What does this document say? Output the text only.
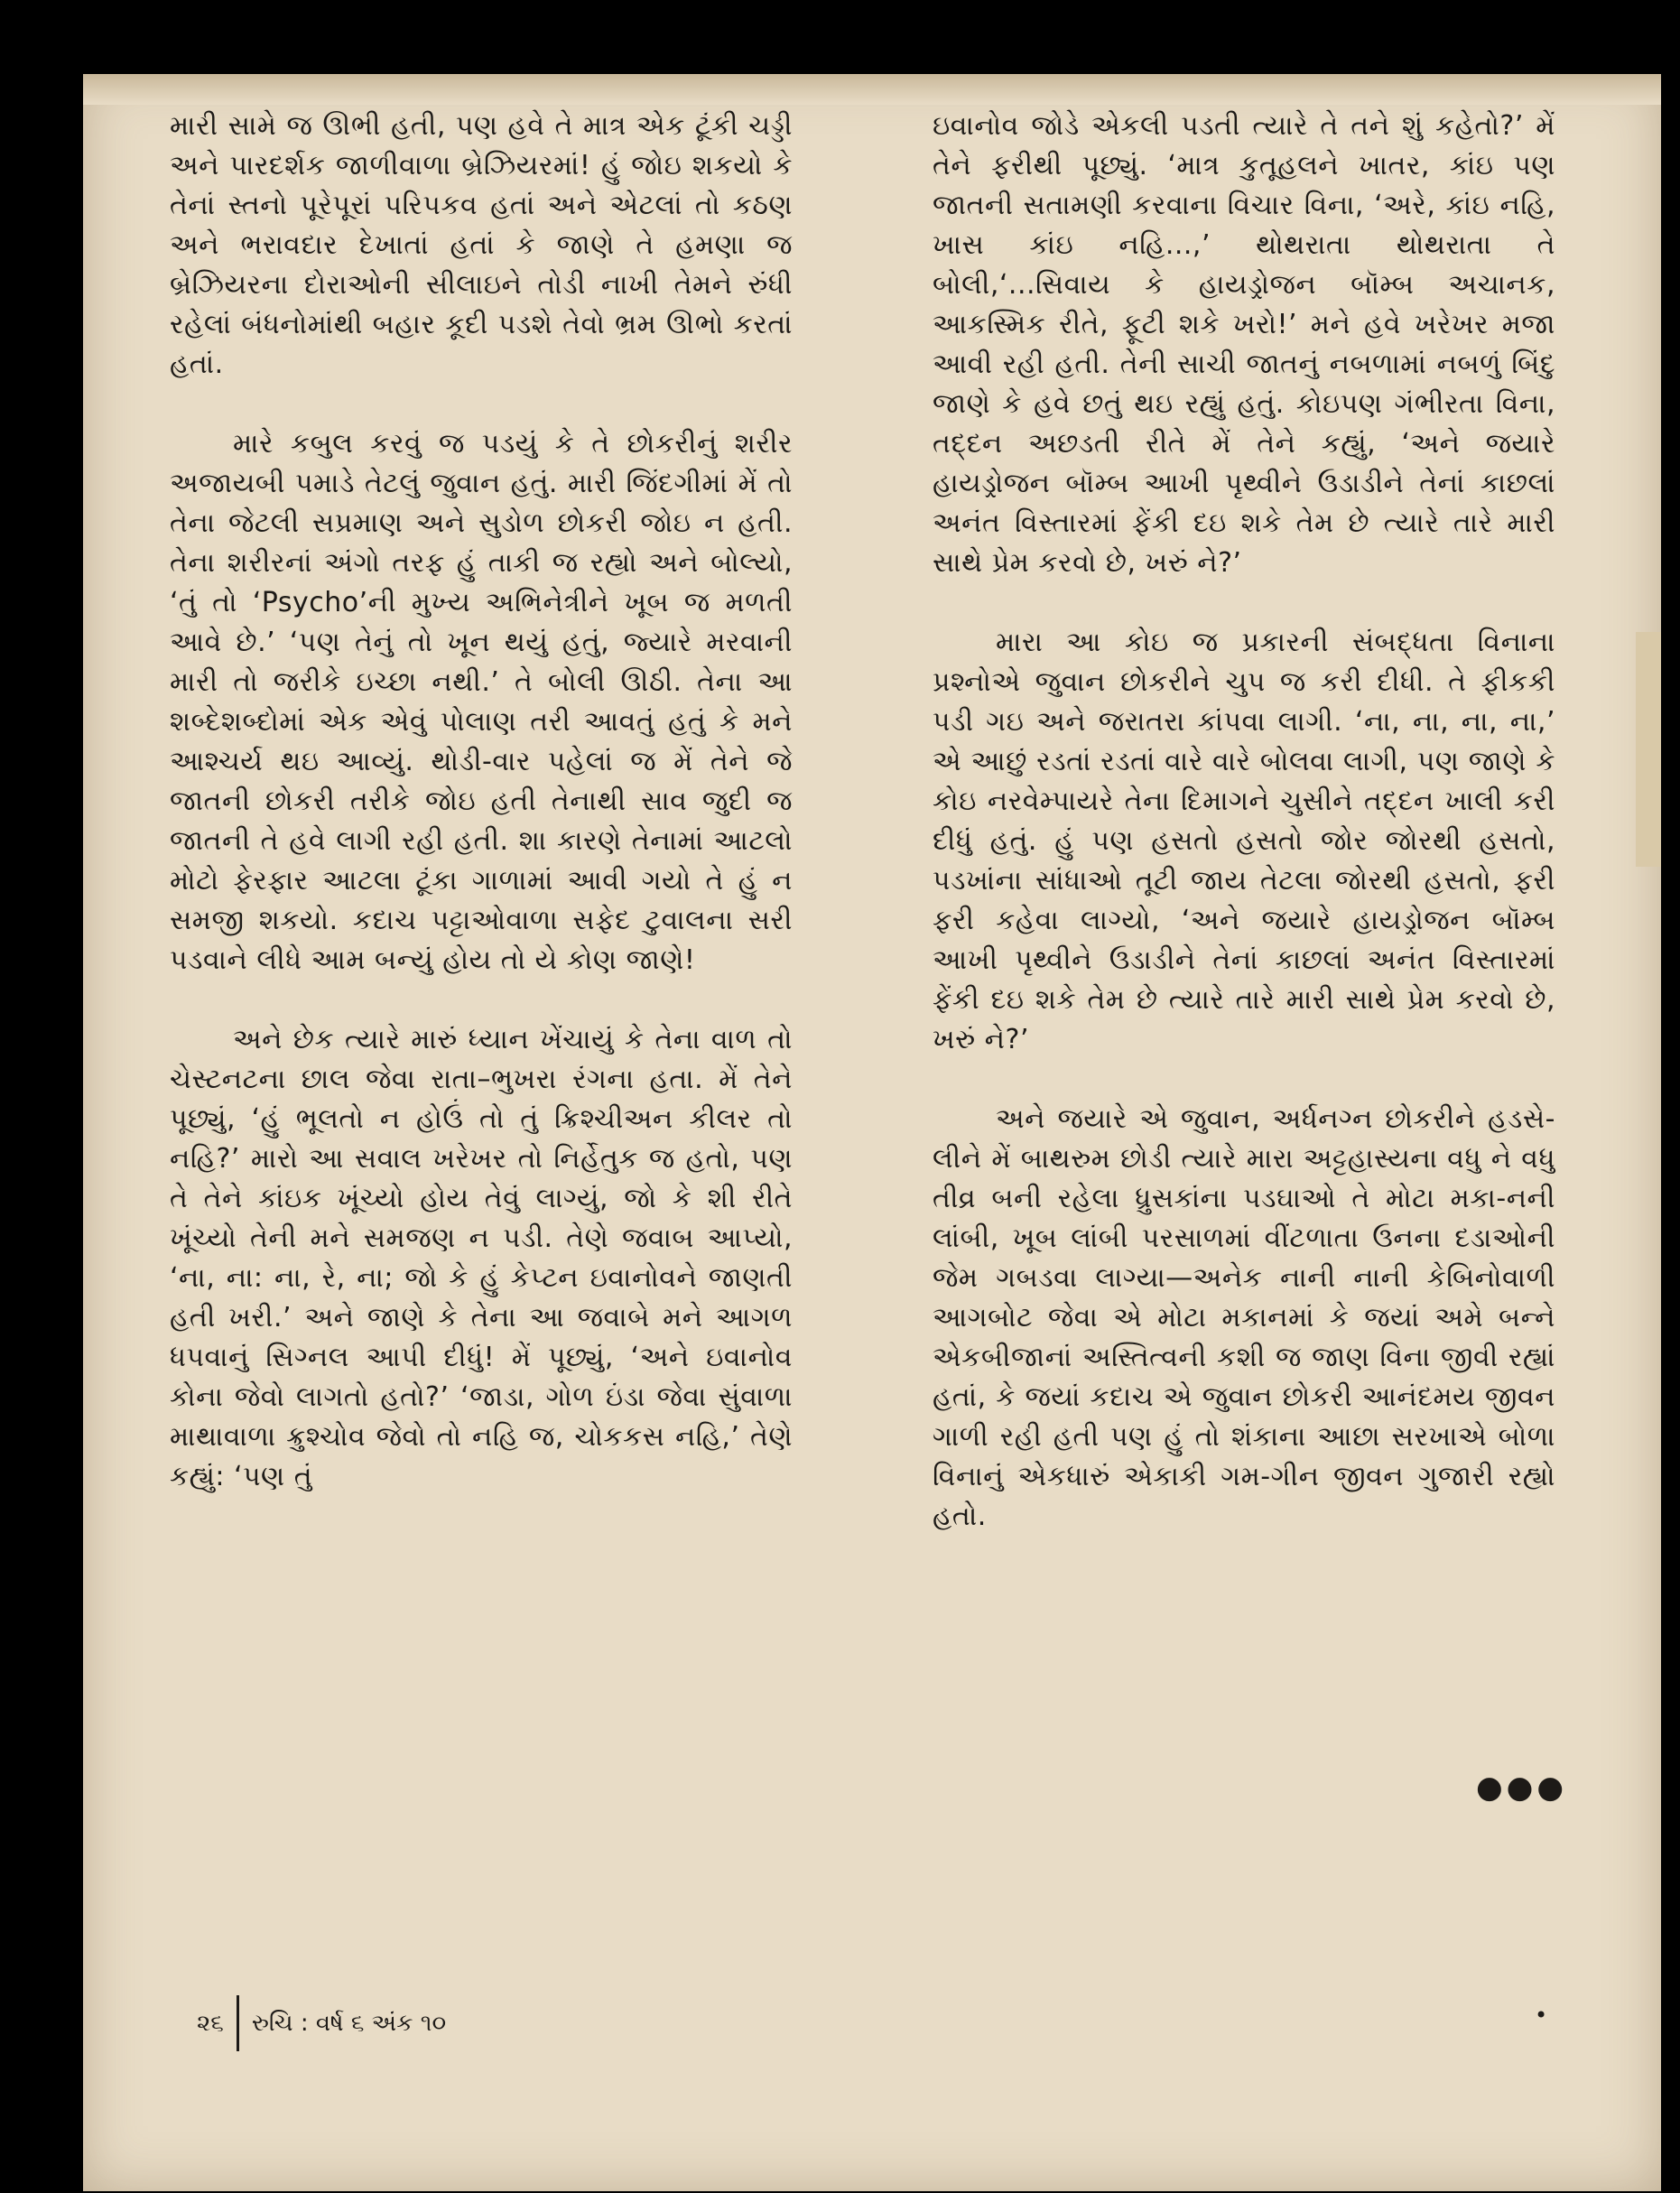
મારી સામે જ ઊભી હતી, પણ હવે તે માત્ર એક ટૂંકી ચડ્ડી અને પારદર્શક જાળીવાળા બ્રેઝિયરમાં! હું જોઇ શકયો કે તેનાં સ્તનો પૂરેપૂરાં પરિપકવ હતાં અને એટલાં તો કઠણ અને ભરાવદાર દેખાતાં હતાં કે જાણે તે હમણા જ બ્રેઝિયરના દોરાઓની સીલાઇને તોડી નાખી તેમને રુંધી રહેલાં બંધનોમાંથી બહાર કૂદી પડશે તેવો ભ્રમ ઊભો કરતાં હતાં.

મારે કબુલ કરવું જ પડયું કે તે છોકરીનું શરીર અજાયબી પમાડે તેટલું જુવાન હતું. મારી જિંદગીમાં મેં તો તેના જેટલી સપ્રમાણ અને સુડોળ છોકરી જોઇ ન હતી. તેના શરીરનાં અંગો તરફ હું તાકી જ રહ્યો અને બોલ્યો, ‘તું તો ‘Psycho’ની મુખ્ય અભિનેત્રીને ખૂબ જ મળતી આવે છે.’ ‘પણ તેનું તો ખૂન થયું હતું, જ્યારે મરવાની મારી તો જરીકે ઇચ્છા નથી.’ તે બોલી ઊઠી. તેના આ શબ્દેશબ્દોમાં એક એવું પોલાણ તરી આવતું હતું કે મને આશ્ચર્ય થઇ આવ્યું. થોડી-વાર પહેલાં જ મેં તેને જે જાતની છોકરી તરીકે જોઇ હતી તેનાથી સાવ જુદી જ જાતની તે હવે લાગી રહી હતી. શા કારણે તેનામાં આટલો મોટો ફેરફાર આટલા ટૂંકા ગાળામાં આવી ગયો તે હું ન સમજી શકયો. કદાચ પટ્ટાઓવાળા સફેદ ટુવાલના સરી પડવાને લીધે આમ બન્યું હોય તો યે કોણ જાણે!

અને છેક ત્યારે મારું ધ્યાન ખેંચાયું કે તેના વાળ તો ચેસ્ટનટના છાલ જેવા રાતા–ભુખરા રંગના હતા. મેં તેને પૂછ્યું, ‘હું ભૂલતો ન હોઉં તો તું ક્રિશ્ચીઅન કીલર તો નહિ?’ મારો આ સવાલ ખરેખર તો નિર્હેતુક જ હતો, પણ તે તેને કાંઇક ખૂંચ્યો હોય તેવું લાગ્યું, જો કે શી રીતે ખૂંચ્યો તેની મને સમજણ ન પડી. તેણે જવાબ આપ્યો, ‘ના, ના: ના, રે, ના; જો કે હું કેપ્ટન ઇવાનોવને જાણતી હતી ખરી.’ અને જાણે કે તેના આ જવાબે મને આગળ ધપવાનું સિગ્નલ આપી દીધું! મેં પૂછ્યું, ‘અને ઇવાનોવ કોના જેવો લાગતો હતો?’ ‘જાડા, ગોળ ઇંડા જેવા સુંવાળા માથાવાળા ક્રુશ્ચોવ જેવો તો નહિ જ, ચોકકસ નહિ,’ તેણે કહ્યું: ‘પણ તું

ઇવાનોવ જોડે એકલી પડતી ત્યારે તે તને શું કહેતો?’ મેં તેને ફરીથી પૂછ્યું. ‘માત્ર કુતૂહલને ખાતર, કાંઇ પણ જાતની સતામણી કરવાના વિચાર વિના, ‘અરે, કાંઇ નહિ, ખાસ કાંઇ નહિ...,’ થોથરાતા થોથરાતા તે બોલી,‘...સિવાય કે હાયડ્રોજન બૉમ્બ અચાનક, આકસ્મિક રીતે, ફૂટી શકે ખરો!’ મને હવે ખરેખર મજા આવી રહી હતી. તેની સાચી જાતનું નબળામાં નબળું બિંદુ જાણે કે હવે છતું થઇ રહ્યું હતું. કોઇપણ ગંભીરતા વિના, તદ્દન અછડતી રીતે મેં તેને કહ્યું, ‘અને જયારે હાયડ્રોજન બૉમ્બ આખી પૃથ્વીને ઉડાડીને તેનાં કાછલાં અનંત વિસ્તારમાં ફેંકી દઇ શકે તેમ છે ત્યારે તારે મારી સાથે પ્રેમ કરવો છે, ખરું ને?’

મારા આ કોઇ જ પ્રકારની સંબદ્ધતા વિનાના પ્રશ્નોએ જુવાન છોકરીને ચુપ જ કરી દીધી. તે ફીકકી પડી ગઇ અને જરાતરા કાંપવા લાગી. ‘ના, ના, ના, ના,’ એ આછું રડતાં રડતાં વારે વારે બોલવા લાગી, પણ જાણે કે કોઇ નરવેમ્પાયરે તેના દિમાગને ચુસીને તદ્દન ખાલી કરી દીધું હતું. હું પણ હસતો હસતો જોર જોરથી હસતો, પડખાંના સાંધાઓ તૂટી જાય તેટલા જોરથી હસતો, ફરી ફરી કહેવા લાગ્યો, ‘અને જયારે હાયડ્રોજન બૉમ્બ આખી પૃથ્વીને ઉડાડીને તેનાં કાછલાં અનંત વિસ્તારમાં ફેંકી દઇ શકે તેમ છે ત્યારે તારે મારી સાથે પ્રેમ કરવો છે, ખરું ને?’

અને જયારે એ જુવાન, અર્ધનગ્ન છોકરીને હડસે-લીને મેં બાથરુમ છોડી ત્યારે મારા અટ્ટહાસ્યના વધુ ને વધુ તીવ્ર બની રહેલા ધ્રુસકાંના પડઘાઓ તે મોટા મકા-નની લાંબી, ખૂબ લાંબી પરસાળમાં વીંટળાતા ઉનના દડાઓની જેમ ગબડવા લાગ્યા—અનેક નાની નાની કેબિનોવાળી આગબોટ જેવા એ મોટા મકાનમાં કે જયાં અમે બન્ને એકબીજાનાં અસ્તિત્વની કશી જ જાણ વિના જીવી રહ્યાં હતાં, કે જયાં કદાચ એ જુવાન છોકરી આનંદમય જીવન ગાળી રહી હતી પણ હું તો શંકાના આછા સરખાએ બોળા વિનાનું એકધારું એકાકી ગમ-ગીન જીવન ગુજારી રહ્યો હતો.

●●●
૨૬ રુચિ : વર્ષ ૬ અંક ૧૦	•
